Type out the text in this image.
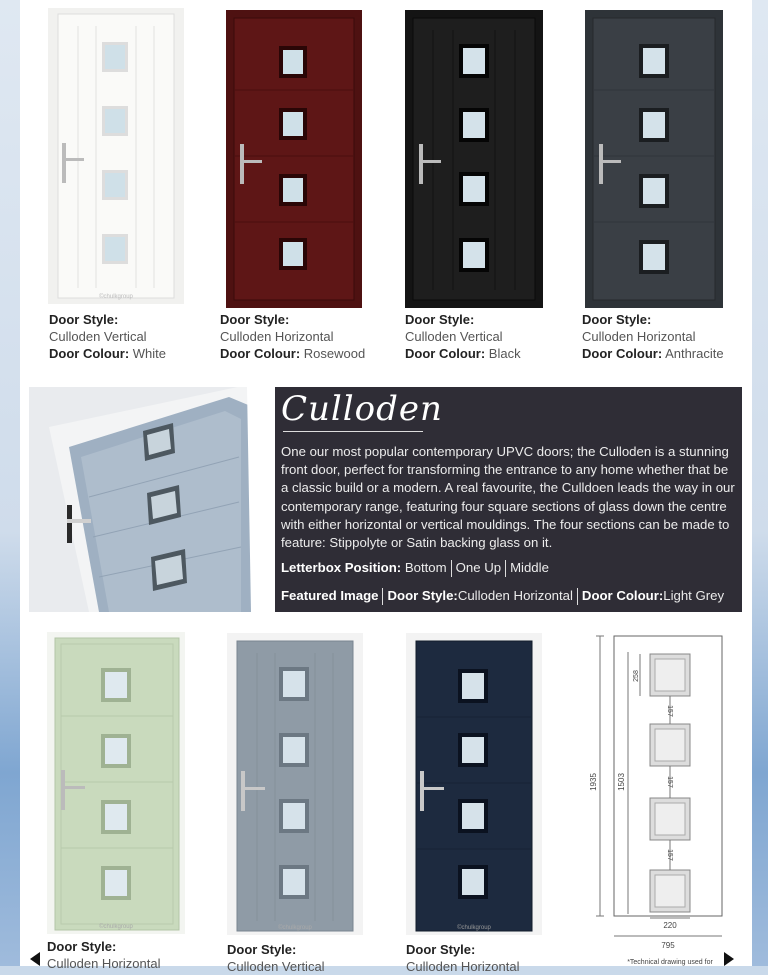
©chulkgroup
Door Style:
Culloden Vertical
Door Colour: White
Door Style:
Culloden Horizontal
Door Colour: Rosewood
Door Style:
Culloden Vertical
Door Colour: Black
Door Style:
Culloden Horizontal
Door Colour: Anthracite
Culloden
One our most popular contemporary UPVC doors; the Culloden is a stunning front door, perfect for transforming the entrance to any home whether that be a classic build or a modern. A real favourite, the Culldoen leads the way in our contemporary range, featuring four square sections of glass down the centre with either horizontal or vertical mouldings. The four sections can be made to feature: Stippolyte or Satin backing glass on it.
Letterbox Position: Bottom One Up Middle
Featured Image Door Style:Culloden Horizontal Door Colour:Light Grey
©chulkgroup	©chulkgroup	©chulkgroup
1935 1503
258
157
157
157
220
795
*Technical drawing used for
Door Style:
Culloden Horizontal
Door Style:
Culloden Vertical
Door Style:
Culloden Horizontal
